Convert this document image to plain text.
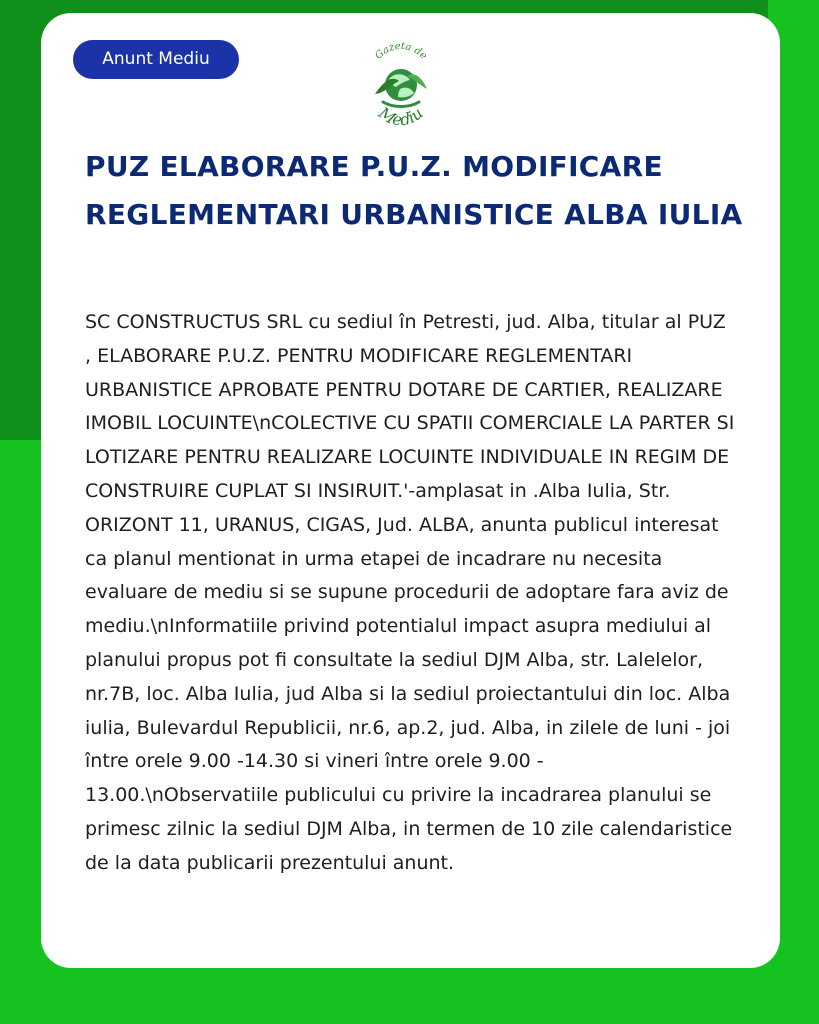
Anunt Mediu	Gazeta de
Mediu
PUZ ELABORARE P.U.Z. MODIFICARE REGLEMENTARI URBANISTICE ALBA IULIA

SC CONSTRUCTUS SRL cu sediul în Petresti, jud. Alba, titular al PUZ , ELABORARE P.U.Z. PENTRU MODIFICARE REGLEMENTARI URBANISTICE APROBATE PENTRU DOTARE DE CARTIER, REALIZARE IMOBIL LOCUINTE\nCOLECTIVE CU SPATII COMERCIALE LA PARTER SI LOTIZARE PENTRU REALIZARE LOCUINTE INDIVIDUALE IN REGIM DE CONSTRUIRE CUPLAT SI INSIRUIT.'-amplasat in .Alba Iulia, Str. ORIZONT 11, URANUS, CIGAS, Jud. ALBA, anunta publicul interesat ca planul mentionat in urma etapei de incadrare nu necesita evaluare de mediu si se supune procedurii de adoptare fara aviz de mediu.\nInformatiile privind potentialul impact asupra mediului al planului propus pot fi consultate la sediul DJM Alba, str. Lalelelor, nr.7B, loc. Alba Iulia, jud Alba si la sediul proiectantului din loc. Alba iulia, Bulevardul Republicii, nr.6, ap.2, jud. Alba, in zilele de luni - joi între orele 9.00 -14.30 si vineri între orele 9.00 - 13.00.\nObservatiile publicului cu privire la incadrarea planului se primesc zilnic la sediul DJM Alba, in termen de 10 zile calendaristice de la data publicarii prezentului anunt.
